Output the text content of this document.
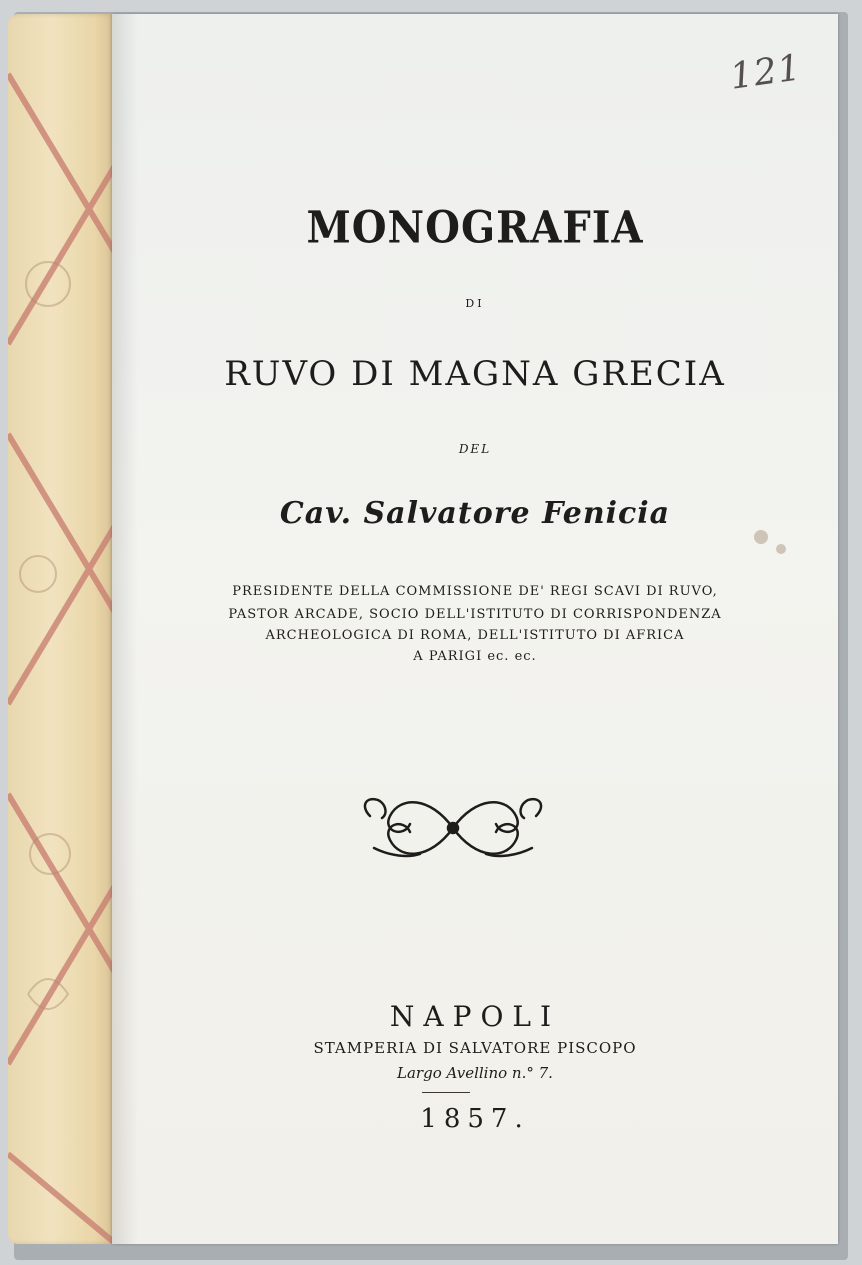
121
MONOGRAFIA
DI
RUVO DI MAGNA GRECIA
DEL
Cav. Salvatore Fenicia
PRESIDENTE DELLA COMMISSIONE DE' REGI SCAVI DI RUVO,
PASTOR ARCADE, SOCIO DELL'ISTITUTO DI CORRISPONDENZA
ARCHEOLOGICA DI ROMA, DELL'ISTITUTO DI AFRICA
A PARIGI ec. ec.
NAPOLI
STAMPERIA DI SALVATORE PISCOPO
Largo Avellino n.° 7.
1857.
